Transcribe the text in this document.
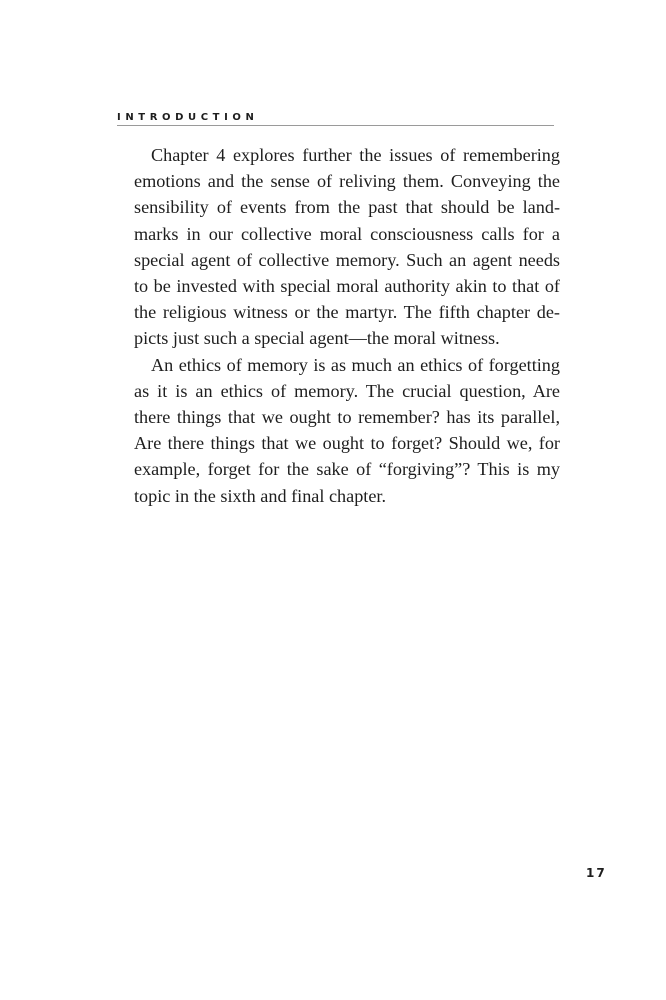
INTRODUCTION

Chapter 4 explores further the issues of remembering
emotions and the sense of reliving them. Conveying the
sensibility of events from the past that should be land-
marks in our collective moral consciousness calls for a
special agent of collective memory. Such an agent needs
to be invested with special moral authority akin to that of
the religious witness or the martyr. The fifth chapter de-
picts just such a special agent—the moral witness.

An ethics of memory is as much an ethics of forgetting
as it is an ethics of memory. The crucial question, Are
there things that we ought to remember? has its parallel,
Are there things that we ought to forget? Should we, for
example, forget for the sake of “forgiving”? This is my
topic in the sixth and final chapter.

17
